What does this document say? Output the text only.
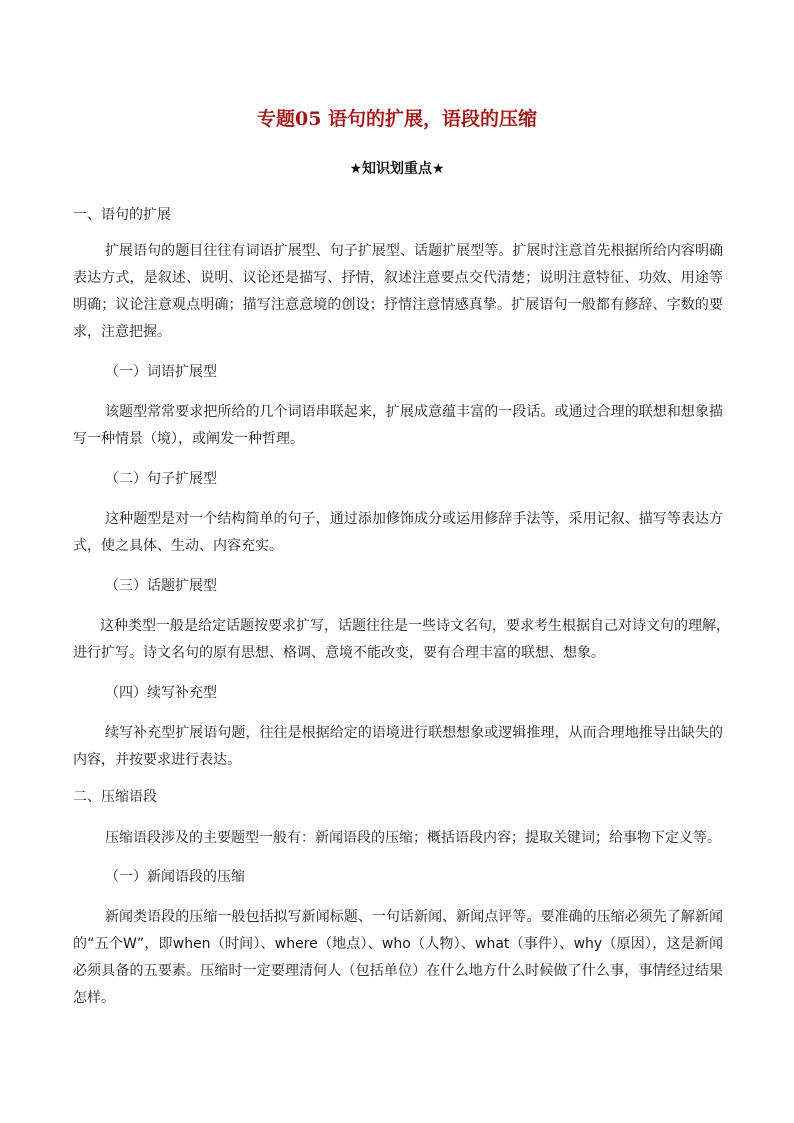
专题05 语句的扩展，语段的压缩
★知识划重点★
一、语句的扩展
扩展语句的题目往往有词语扩展型、句子扩展型、话题扩展型等。扩展时注意首先根据所给内容明确
表达方式，是叙述、说明、议论还是描写、抒情，叙述注意要点交代清楚；说明注意特征、功效、用途等
明确；议论注意观点明确；描写注意意境的创设；抒情注意情感真挚。扩展语句一般都有修辞、字数的要
求，注意把握。
（一）词语扩展型
该题型常常要求把所给的几个词语串联起来，扩展成意蕴丰富的一段话。或通过合理的联想和想象描
写一种情景（境），或阐发一种哲理。
（二）句子扩展型
这种题型是对一个结构简单的句子，通过添加修饰成分或运用修辞手法等，采用记叙、描写等表达方
式，使之具体、生动、内容充实。
（三）话题扩展型
这种类型一般是给定话题按要求扩写，话题往往是一些诗文名句，要求考生根据自己对诗文句的理解，
进行扩写。诗文名句的原有思想、格调、意境不能改变，要有合理丰富的联想、想象。
（四）续写补充型
续写补充型扩展语句题，往往是根据给定的语境进行联想想象或逻辑推理，从而合理地推导出缺失的
内容，并按要求进行表达。
二、压缩语段
压缩语段涉及的主要题型一般有：新闻语段的压缩；概括语段内容；提取关键词；给事物下定义等。
（一）新闻语段的压缩
新闻类语段的压缩一般包括拟写新闻标题、一句话新闻、新闻点评等。要准确的压缩必须先了解新闻
的“五个W”，即when（时间）、where（地点）、who（人物）、what（事件）、why（原因），这是新闻
必须具备的五要素。压缩时一定要理清何人（包括单位）在什么地方什么时候做了什么事，事情经过结果
怎样。
